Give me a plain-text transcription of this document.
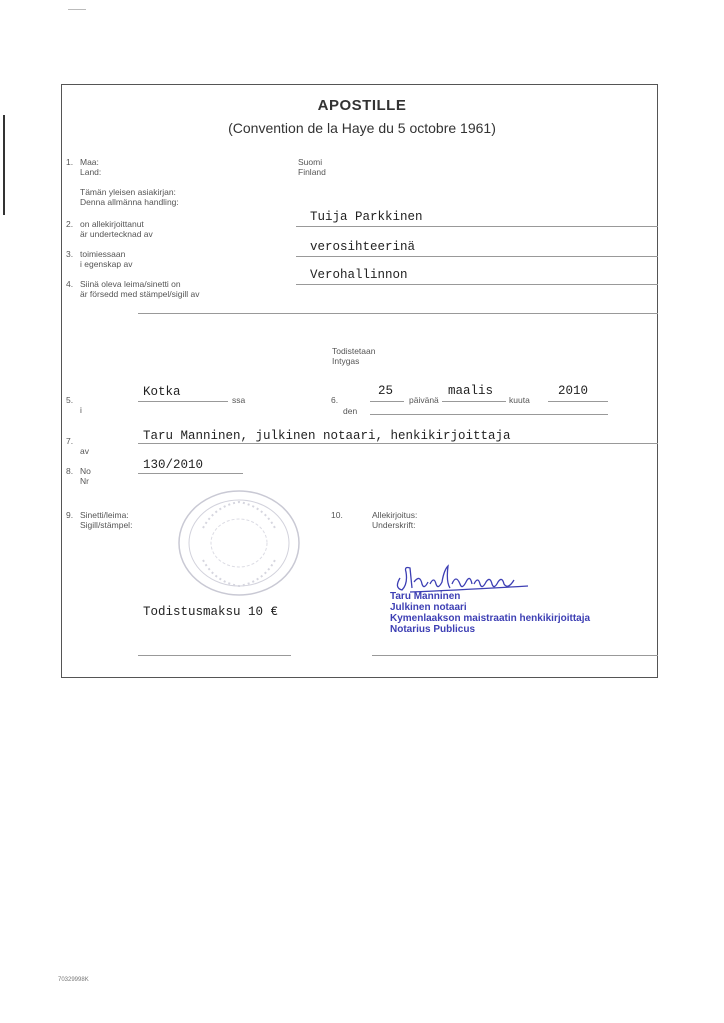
APOSTILLE
(Convention de la Haye du 5 octobre 1961)
1. Maa:
Land:
Suomi
Finland
Tämän yleisen asiakirjan:
Denna allmänna handling:
2. on allekirjoittanut
är undertecknad av
Tuija Parkkinen
3. toimiessaan
i egenskap av
verosihteerinä
4. Siinä oleva leima/sinetti on
är försedd med stämpel/sigill av
Verohallinnon
Todistetaan
Intygas
5.
i
Kotka
ssa	6.
25
päivänä
maalis
kuuta
2010
den
7.
av
Taru Manninen, julkinen notaari, henkikirjoittaja
8. No
Nr
130/2010
9. Sinetti/leima:
Sigill/stämpel:
10.	Allekirjoitus:
Underskrift:
Todistusmaksu 10 €
Taru Manninen
Julkinen notaari
Kymenlaakson maistraatin henkikirjoittaja
Notarius Publicus
70329998K
